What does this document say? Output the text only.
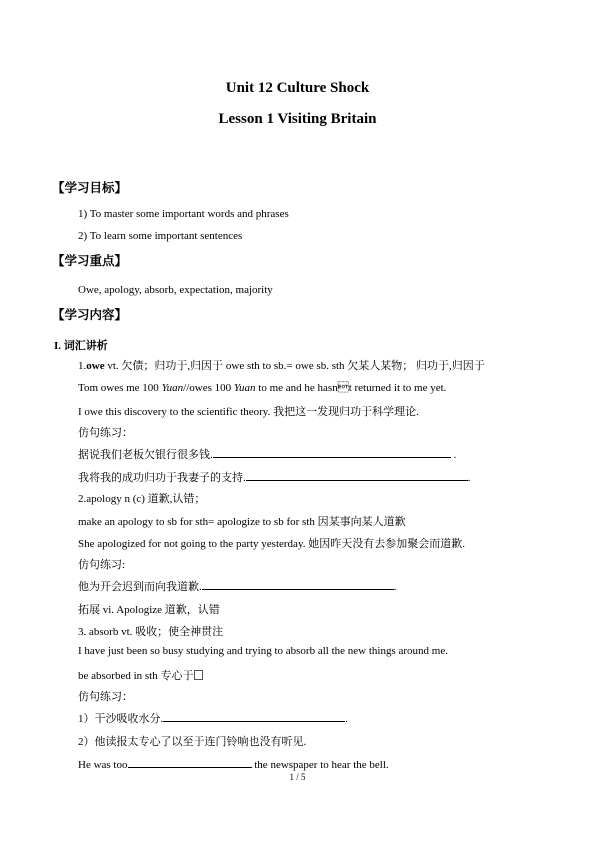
Unit 12 Culture Shock
Lesson 1 Visiting Britain
【学习目标】
1) To master some important words and phrases
2) To learn some important sentences
【学习重点】
Owe, apology, absorb, expectation, majority
【学习内容】
I. 词汇讲析
1.owe vt. 欠债；归功于,归因于 owe sth to sb.= owe sb. sth 欠某人某物； 归功于,归因于
Tom owes me 100 Yuan//owes 100 Yuan to me and he hasnt returned it to me yet.
I owe this discovery to the scientific theory. 我把这一发现归功于科学理论.
仿句练习：
据说我们老板欠银行很多钱.	.
我将我的成功归功于我妻子的支持.	.
2.apology n (c) 道歉,认错；
make an apology to sb for sth= apologize to sb for sth 因某事向某人道歉
She apologized for not going to the party yesterday. 她因昨天没有去参加聚会而道歉.
仿句练习:
他为开会迟到而向我道歉.	.
拓展 vi. Apologize 道歉，认错
3. absorb vt. 吸收；使全神贯注
I have just been so busy studying and trying to absorb all the new things around me.
be absorbed in sth 专心于
仿句练习：
1）干沙吸收水分.	.
2）他读报太专心了以至于连门铃响也没有听见.
He was too	the newspaper to hear the bell.
1 / 5
